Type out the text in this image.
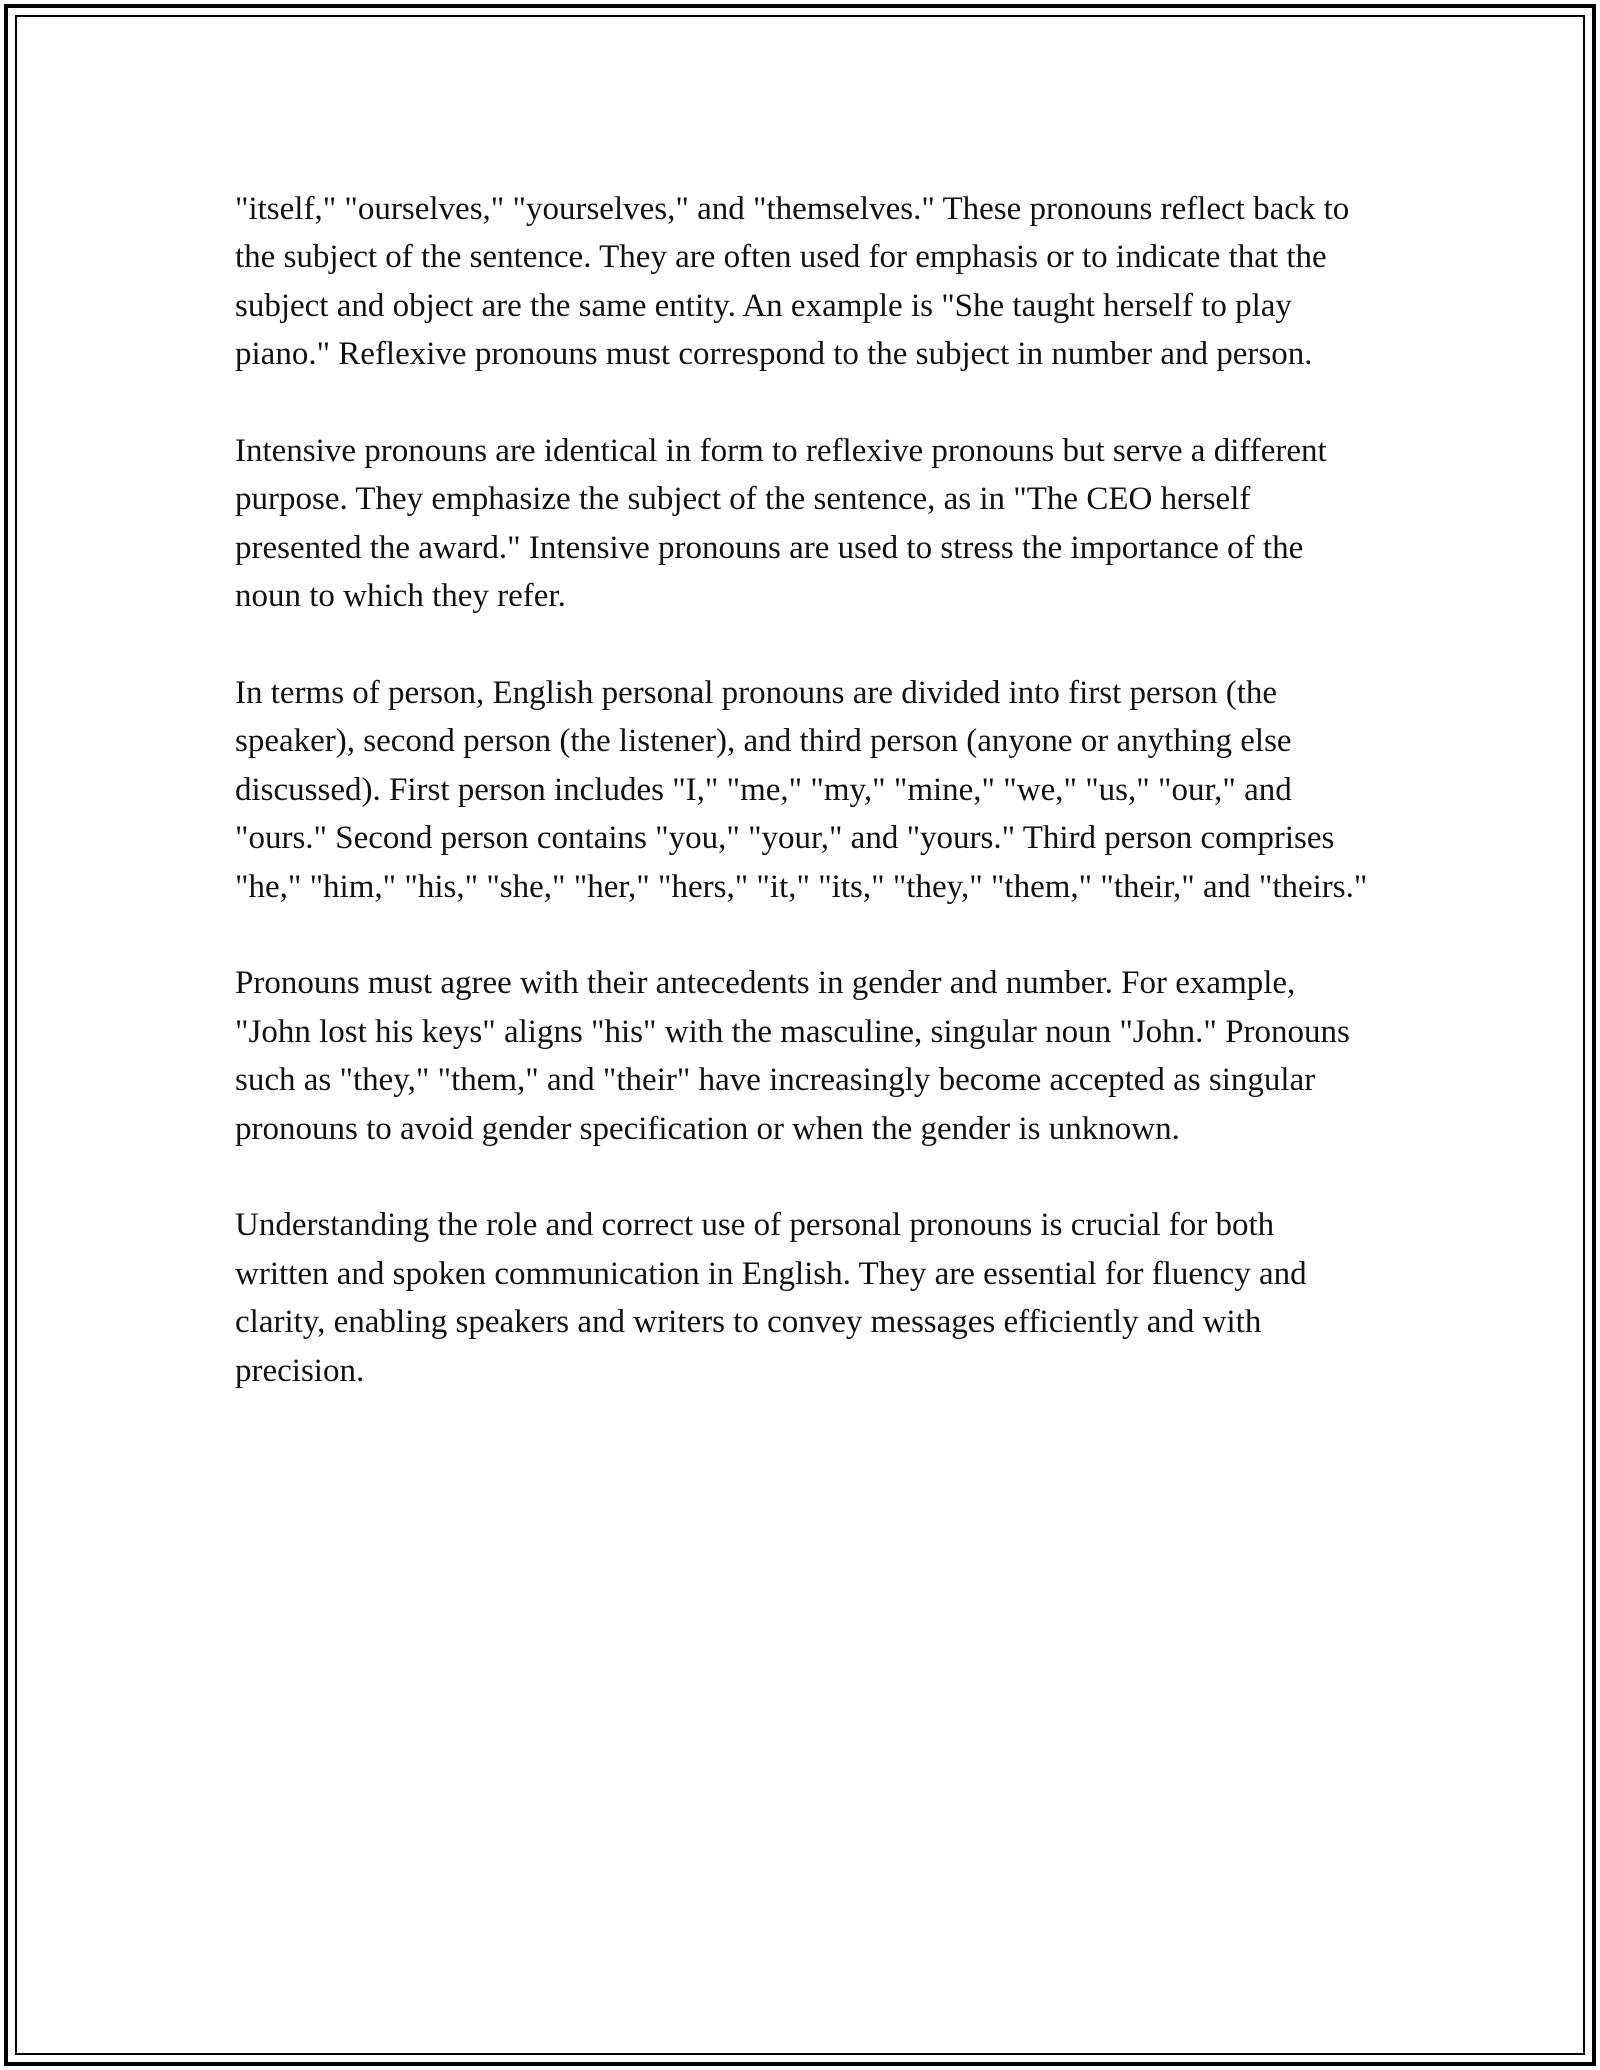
"itself," "ourselves," "yourselves," and "themselves." These pronouns reflect back to the subject of the sentence. They are often used for emphasis or to indicate that the subject and object are the same entity. An example is "She taught herself to play piano." Reflexive pronouns must correspond to the subject in number and person.

Intensive pronouns are identical in form to reflexive pronouns but serve a different purpose. They emphasize the subject of the sentence, as in "The CEO herself presented the award." Intensive pronouns are used to stress the importance of the noun to which they refer.

In terms of person, English personal pronouns are divided into first person (the speaker), second person (the listener), and third person (anyone or anything else discussed). First person includes "I," "me," "my," "mine," "we," "us," "our," and "ours." Second person contains "you," "your," and "yours." Third person comprises "he," "him," "his," "she," "her," "hers," "it," "its," "they," "them," "their," and "theirs."

Pronouns must agree with their antecedents in gender and number. For example, "John lost his keys" aligns "his" with the masculine, singular noun "John." Pronouns such as "they," "them," and "their" have increasingly become accepted as singular pronouns to avoid gender specification or when the gender is unknown.

Understanding the role and correct use of personal pronouns is crucial for both written and spoken communication in English. They are essential for fluency and clarity, enabling speakers and writers to convey messages efficiently and with precision.
